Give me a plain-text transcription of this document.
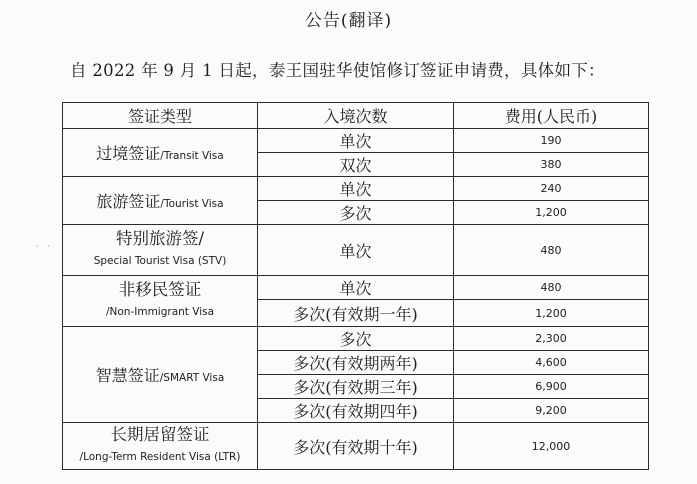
公告(翻译)
自 2022 年 9 月 1 日起，泰王国驻华使馆修订签证申请费，具体如下：
· ·
签证类型	入境次数	费用(人民币)
过境签证/Transit Visa	单次	190
	双次	380
旅游签证/Tourist Visa	单次	240
	多次	1,200

特别旅游签/
Special Tourist Visa (STV)	单次	480

非移民签证
/Non-Immigrant Visa	单次	480
	多次(有效期一年)	1,200
智慧签证/SMART Visa	多次	2,300
	多次(有效期两年)	4,600
	多次(有效期三年)	6,900
	多次(有效期四年)	9,200

长期居留签证
/Long-Term Resident Visa (LTR)	多次(有效期十年)	12,000
